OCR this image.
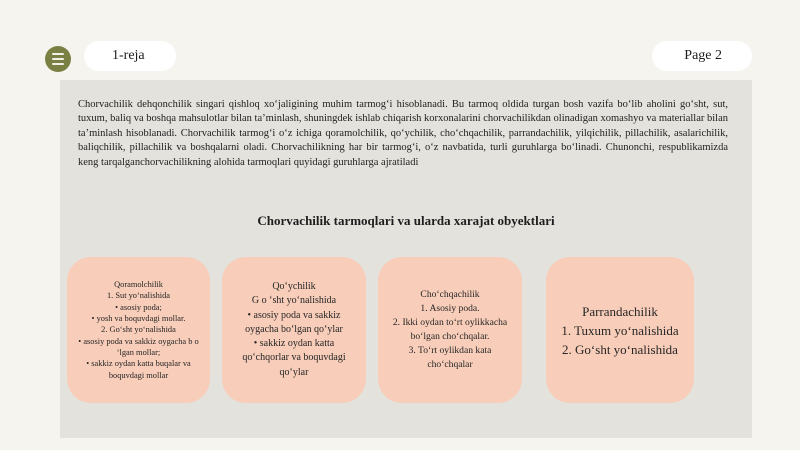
1-reja	Page 2

Chorvachilik dehqonchilik singari qishloq xo‘jaligining muhim tarmog‘i hisoblanadi. Bu tarmoq oldida turgan bosh vazifa bo‘lib aholini go‘sht, sut, tuxum, baliq va boshqa mahsulotlar bilan ta’minlash, shuningdek ishlab chiqarish korxonalarini chorvachilikdan olinadigan xomashyo va materiallar bilan ta’minlash hisoblanadi. Chorvachilik tarmog‘i o‘z ichiga qoramolchilik, qo‘ychilik, cho‘chqachilik, parrandachilik, yilqichilik, pillachilik, asalarichilik, baliqchilik, pillachilik va boshqalarni oladi. Chorvachilikning har bir tarmog‘i, o‘z navbatida, turli guruhlarga bo‘linadi. Chunonchi, respublikamizda keng tarqalganchorvachilikning alohida tarmoqlari quyidagi guruhlarga ajratiladi

Chorvachilik tarmoqlari va ularda xarajat obyektlari
Qoramolchilik
1. Sut yo‘nalishida
• asosiy poda;
• yosh va boquvdagi mollar.
2. Go‘sht yo‘nalishida
• asosiy poda va sakkiz oygacha b o ‘lgan mollar;
• sakkiz oydan katta buqalar va boquvdagi mollar
Qo‘ychilik
G o ‘sht yo‘nalishida
• asosiy poda va sakkiz oygacha bo‘lgan qo‘ylar
• sakkiz oydan katta qo‘chqorlar va boquvdagi qo‘ylar
Cho‘chqachilik
1. Asosiy poda.
2. Ikki oydan to‘rt oylikkacha bo‘lgan cho‘chqalar.
3. To‘rt oylikdan kata cho‘chqalar
Parrandachilik
1. Tuxum yo‘nalishida
2. Go‘sht yo‘nalishida
